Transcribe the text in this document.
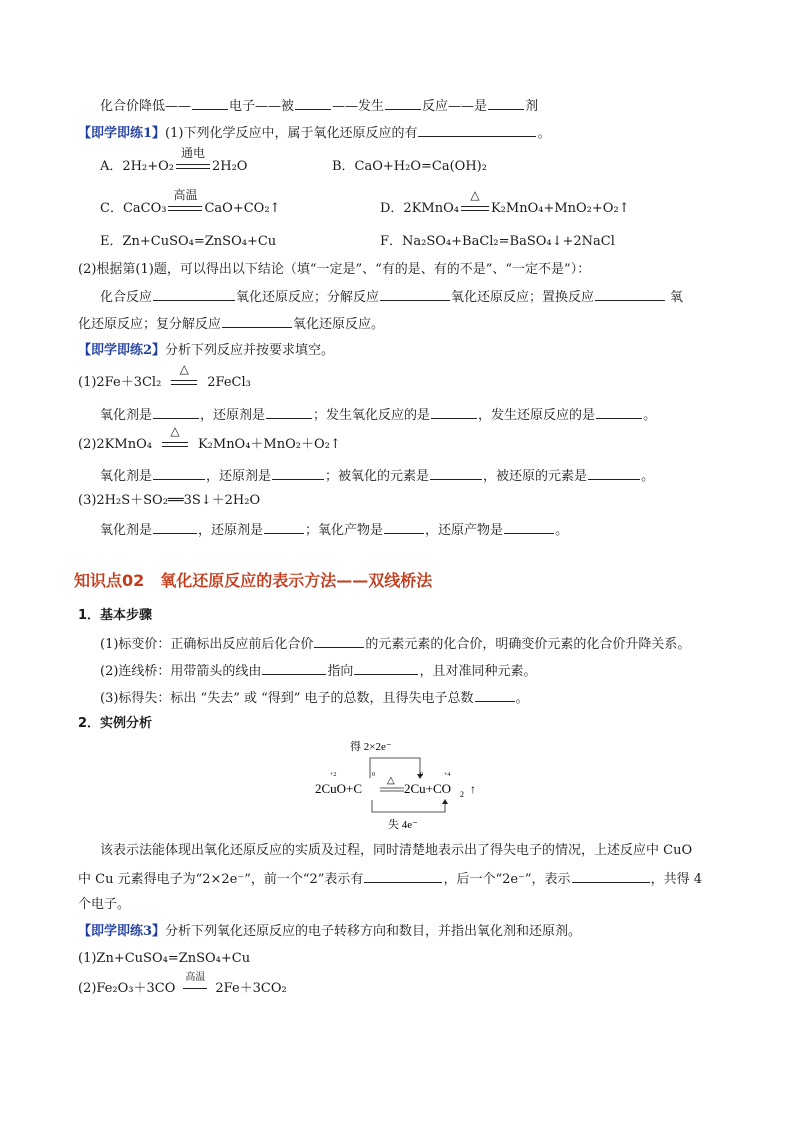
化合价降低——	电子——被	——发生	反应——是	剂
【即学即练1】(1)下列化学反应中，属于氧化还原反应的有	。
A．2H₂+O₂
通电
2H₂O	B．CaO+H₂O=Ca(OH)₂
C．CaCO₃
高温
CaO+CO₂↑	D．2KMnO₄
△
K₂MnO₄+MnO₂+O₂↑
E．Zn+CuSO₄=ZnSO₄+Cu	F．Na₂SO₄+BaCl₂=BaSO₄↓+2NaCl
(2)根据第(1)题，可以得出以下结论（填“一定是”、“有的是、有的不是”、“一定不是”）：
化合反应	氧化还原反应；分解反应	氧化还原反应；置换反应	氧
化还原反应；复分解反应	氧化还原反应。
【即学即练2】分析下列反应并按要求填空。
(1)2Fe＋3Cl₂
△
2FeCl₃
氧化剂是	，还原剂是	；发生氧化反应的是	，发生还原反应的是	。
(2)2KMnO₄
△
K₂MnO₄＋MnO₂＋O₂↑
氧化剂是	，还原剂是	；被氧化的元素是	，被还原的元素是	。
(3)2H₂S＋SO₂══3S↓＋2H₂O
氧化剂是	，还原剂是	；氧化产物是	，还原产物是	。
知识点02　氧化还原反应的表示方法——双线桥法
1．基本步骤
(1)标变价：正确标出反应前后化合价	的元素元素的化合价，明确变价元素的化合价升降关系。
(2)连线桥：用带箭头的线由	指向	，且对准同种元素。
(3)标得失：标出 “失去” 或 “得到” 电子的总数，且得失电子总数	。
2．实例分析
得 2×2e⁻
+2	0	0	+4
2CuO+C
△
2Cu+CO 2 ↑
失 4e⁻
该表示法能体现出氧化还原反应的实质及过程，同时清楚地表示出了得失电子的情况，上述反应中 CuO
中 Cu 元素得电子为“2×2e⁻”，前一个“2”表示有	，后一个“2e⁻”，表示	，共得 4
个电子。
【即学即练3】分析下列氧化还原反应的电子转移方向和数目，并指出氧化剂和还原剂。
(1)Zn+CuSO₄=ZnSO₄+Cu
(2)Fe₂O₃＋3CO
高温
2Fe＋3CO₂
